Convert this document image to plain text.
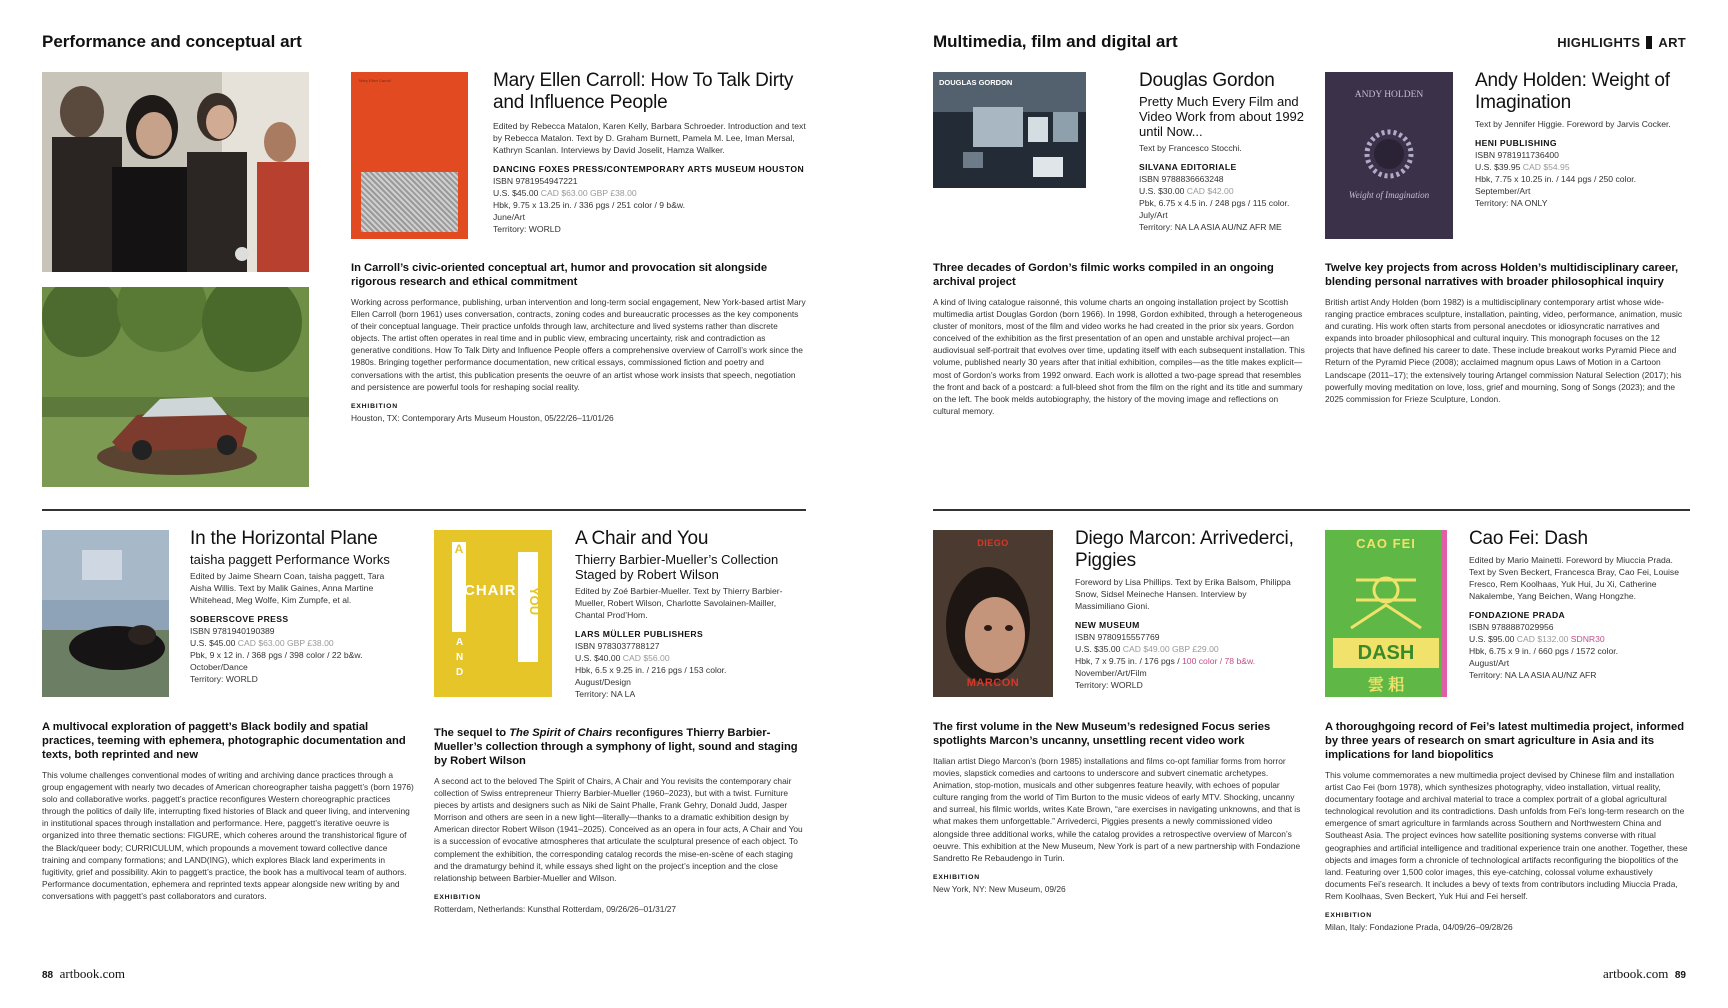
Performance and conceptual art	Multimedia, film and digital art	HIGHLIGHTS ART
Mary Ellen Carroll	Mary Ellen Carroll: How To Talk Dirty and Influence People
Edited by Rebecca Matalon, Karen Kelly, Barbara Schroeder. Introduction and text by Rebecca Matalon. Text by D. Graham Burnett, Pamela M. Lee, Iman Mersal, Kathryn Scanlan. Interviews by David Joselit, Hamza Walker.
DANCING FOXES PRESS/CONTEMPORARY ARTS MUSEUM HOUSTON
ISBN 9781954947221
U.S. $45.00 CAD $63.00 GBP £38.00
Hbk, 9.75 x 13.25 in. / 336 pgs / 251 color / 9 b&w.
June/Art
Territory: WORLD
In Carroll’s civic-oriented conceptual art, humor and provocation sit alongside rigorous research and ethical commitment
Working across performance, publishing, urban intervention and long-term social engagement, New York-based artist Mary Ellen Carroll (born 1961) uses conversation, contracts, zoning codes and bureaucratic processes as the key components of their conceptual language. Their practice unfolds through law, architecture and lived systems rather than discrete objects. The artist often operates in real time and in public view, embracing uncertainty, risk and contradiction as generative conditions. How To Talk Dirty and Influence People offers a comprehensive overview of Carroll’s work since the 1980s. Bringing together performance documentation, new critical essays, commissioned fiction and poetry and conversations with the artist, this publication presents the oeuvre of an artist whose work insists that speech, negotiation and persistence are powerful tools for reshaping social reality.
EXHIBITION
Houston, TX: Contemporary Arts Museum Houston, 05/22/26–11/01/26
DOUGLAS GORDON	Douglas Gordon
Pretty Much Every Film and Video Work from about 1992 until Now...
Text by Francesco Stocchi.
SILVANA EDITORIALE
ISBN 9788836663248
U.S. $30.00 CAD $42.00
Pbk, 6.75 x 4.5 in. / 248 pgs / 115 color.
July/Art
Territory: NA LA ASIA AU/NZ AFR ME
Three decades of Gordon’s filmic works compiled in an ongoing archival project
A kind of living catalogue raisonné, this volume charts an ongoing installation project by Scottish multimedia artist Douglas Gordon (born 1966). In 1998, Gordon exhibited, through a heterogeneous cluster of monitors, most of the film and video works he had created in the prior six years. Gordon conceived of the exhibition as the first presentation of an open and unstable archival project—an audiovisual self-portrait that evolves over time, updating itself with each subsequent installation. This volume, published nearly 30 years after that initial exhibition, compiles—as the title makes explicit—most of Gordon’s works from 1992 onward. Each work is allotted a two-page spread that resembles the front and back of a postcard: a full-bleed shot from the film on the right and its title and summary on the left. The book melds autobiography, the history of the moving image and reflections on cultural memory.
ANDY HOLDEN
Weight of Imagination
Andy Holden: Weight of Imagination
Text by Jennifer Higgie. Foreword by Jarvis Cocker.
HENI PUBLISHING
ISBN 9781911736400
U.S. $39.95 CAD $54.95
Hbk, 7.75 x 10.25 in. / 144 pgs / 250 color.
September/Art
Territory: NA ONLY
Twelve key projects from across Holden’s multidisciplinary career, blending personal narratives with broader philosophical inquiry
British artist Andy Holden (born 1982) is a multidisciplinary contemporary artist whose wide-ranging practice embraces sculpture, installation, painting, video, performance, animation, music and curating. His work often starts from personal anecdotes or idiosyncratic narratives and expands into broader philosophical and cultural inquiry. This monograph focuses on the 12 projects that have defined his career to date. These include breakout works Pyramid Piece and Return of the Pyramid Piece (2008); acclaimed magnum opus Laws of Motion in a Cartoon Landscape (2011–17); the extensively touring Artangel commission Natural Selection (2017); his powerfully moving meditation on love, loss, grief and mourning, Song of Songs (2023); and the 2025 commission for Frieze Sculpture, London.
In the Horizontal Plane
taisha paggett Performance Works
Edited by Jaime Shearn Coan, taisha paggett, Tara Aisha Willis. Text by Malik Gaines, Anna Martine Whitehead, Meg Wolfe, Kim Zumpfe, et al.
SOBERSCOVE PRESS
ISBN 9781940190389
U.S. $45.00 CAD $63.00 GBP £38.00
Pbk, 9 x 12 in. / 368 pgs / 398 color / 22 b&w.
October/Dance
Territory: WORLD
A multivocal exploration of paggett’s Black bodily and spatial practices, teeming with ephemera, photographic documentation and texts, both reprinted and new
This volume challenges conventional modes of writing and archiving dance practices through a group engagement with nearly two decades of American choreographer taisha paggett’s (born 1976) solo and collaborative works. paggett’s practice reconfigures Western choreographic practices through the politics of daily life, interrupting fixed histories of Black and queer living, and intervening in institutional spaces through installation and performance. Here, paggett’s iterative oeuvre is organized into three thematic sections: FIGURE, which coheres around the transhistorical figure of the Black/queer body; CURRICULUM, which propounds a movement toward collective dance training and company formations; and LAND(ING), which explores Black land experiments in fugitivity, grief and possibility. Akin to paggett’s practice, the book has a multivocal team of authors. Performance documentation, ephemera and reprinted texts appear alongside new writing by and conversations with paggett’s past collaborators and curators.
A
CHAIR
A
N
D
YOU
A Chair and You
Thierry Barbier-Mueller’s Collection Staged by Robert Wilson
Edited by Zoé Barbier-Mueller. Text by Thierry Barbier-Mueller, Robert Wilson, Charlotte Savolainen-Mailler, Chantal Prod’Hom.
LARS MÜLLER PUBLISHERS
ISBN 9783037788127
U.S. $40.00 CAD $56.00
Hbk, 6.5 x 9.25 in. / 216 pgs / 153 color.
August/Design
Territory: NA LA
The sequel to The Spirit of Chairs reconfigures Thierry Barbier-Mueller’s collection through a symphony of light, sound and staging by Robert Wilson
A second act to the beloved The Spirit of Chairs, A Chair and You revisits the contemporary chair collection of Swiss entrepreneur Thierry Barbier-Mueller (1960–2023), but with a twist. Furniture pieces by artists and designers such as Niki de Saint Phalle, Frank Gehry, Donald Judd, Jasper Morrison and others are seen in a new light—literally—thanks to a dramatic exhibition design by American director Robert Wilson (1941–2025). Conceived as an opera in four acts, A Chair and You is a succession of evocative atmospheres that articulate the sculptural presence of each object. To complement the exhibition, the corresponding catalog records the mise-en-scène of each staging and the dramaturgy behind it, while essays shed light on the project’s inception and the close relationship between Barbier-Mueller and Wilson.
EXHIBITION
Rotterdam, Netherlands: Kunsthal Rotterdam, 09/26/26–01/31/27
DIEGO
MARCON
Diego Marcon: Arrivederci, Piggies
Foreword by Lisa Phillips. Text by Erika Balsom, Philippa Snow, Sidsel Meineche Hansen. Interview by Massimiliano Gioni.
NEW MUSEUM
ISBN 9780915557769
U.S. $35.00 CAD $49.00 GBP £29.00
Hbk, 7 x 9.75 in. / 176 pgs / 100 color / 78 b&w.
November/Art/Film
Territory: WORLD
The first volume in the New Museum’s redesigned Focus series spotlights Marcon’s uncanny, unsettling recent video work
Italian artist Diego Marcon’s (born 1985) installations and films co-opt familiar forms from horror movies, slapstick comedies and cartoons to underscore and subvert cinematic archetypes. Animation, stop-motion, musicals and other subgenres feature heavily, with echoes of popular culture ranging from the world of Tim Burton to the music videos of early MTV. Shocking, uncanny and surreal, his filmic worlds, writes Kate Brown, “are exercises in navigating unknowns, and that is what makes them unforgettable.” Arrivederci, Piggies presents a newly commissioned video alongside three additional works, while the catalog provides a retrospective overview of Marcon’s oeuvre. This exhibition at the New Museum, New York is part of a new partnership with Fondazione Sandretto Re Rebaudengo in Turin.
EXHIBITION
New York, NY: New Museum, 09/26
CAO FEI
DASH
雲 耜
Cao Fei: Dash
Edited by Mario Mainetti. Foreword by Miuccia Prada. Text by Sven Beckert, Francesca Bray, Cao Fei, Louise Fresco, Rem Koolhaas, Yuk Hui, Ju Xi, Catherine Nakalembe, Yang Beichen, Wang Hongzhe.
FONDAZIONE PRADA
ISBN 9788887029956
U.S. $95.00 CAD $132.00 SDNR30
Hbk, 6.75 x 9 in. / 660 pgs / 1572 color.
August/Art
Territory: NA LA ASIA AU/NZ AFR
A thoroughgoing record of Fei’s latest multimedia project, informed by three years of research on smart agriculture in Asia and its implications for land biopolitics
This volume commemorates a new multimedia project devised by Chinese film and installation artist Cao Fei (born 1978), which synthesizes photography, video installation, virtual reality, documentary footage and archival material to trace a complex portrait of a global agricultural technological revolution and its contradictions. Dash unfolds from Fei’s long-term research on the emergence of smart agriculture in farmlands across Southern and Northwestern China and Southeast Asia. The project evinces how satellite positioning systems converse with ritual geographies and artificial intelligence and traditional experience train one another. Together, these objects and images form a chronicle of technological artifacts reconfiguring the biopolitics of the land. Featuring over 1,500 color images, this eye-catching, colossal volume exhaustively documents Fei’s research. It includes a bevy of texts from contributors including Miuccia Prada, Rem Koolhaas, Sven Beckert, Yuk Hui and Fei herself.
EXHIBITION
Milan, Italy: Fondazione Prada, 04/09/26–09/28/26
88 artbook.com	artbook.com 89
